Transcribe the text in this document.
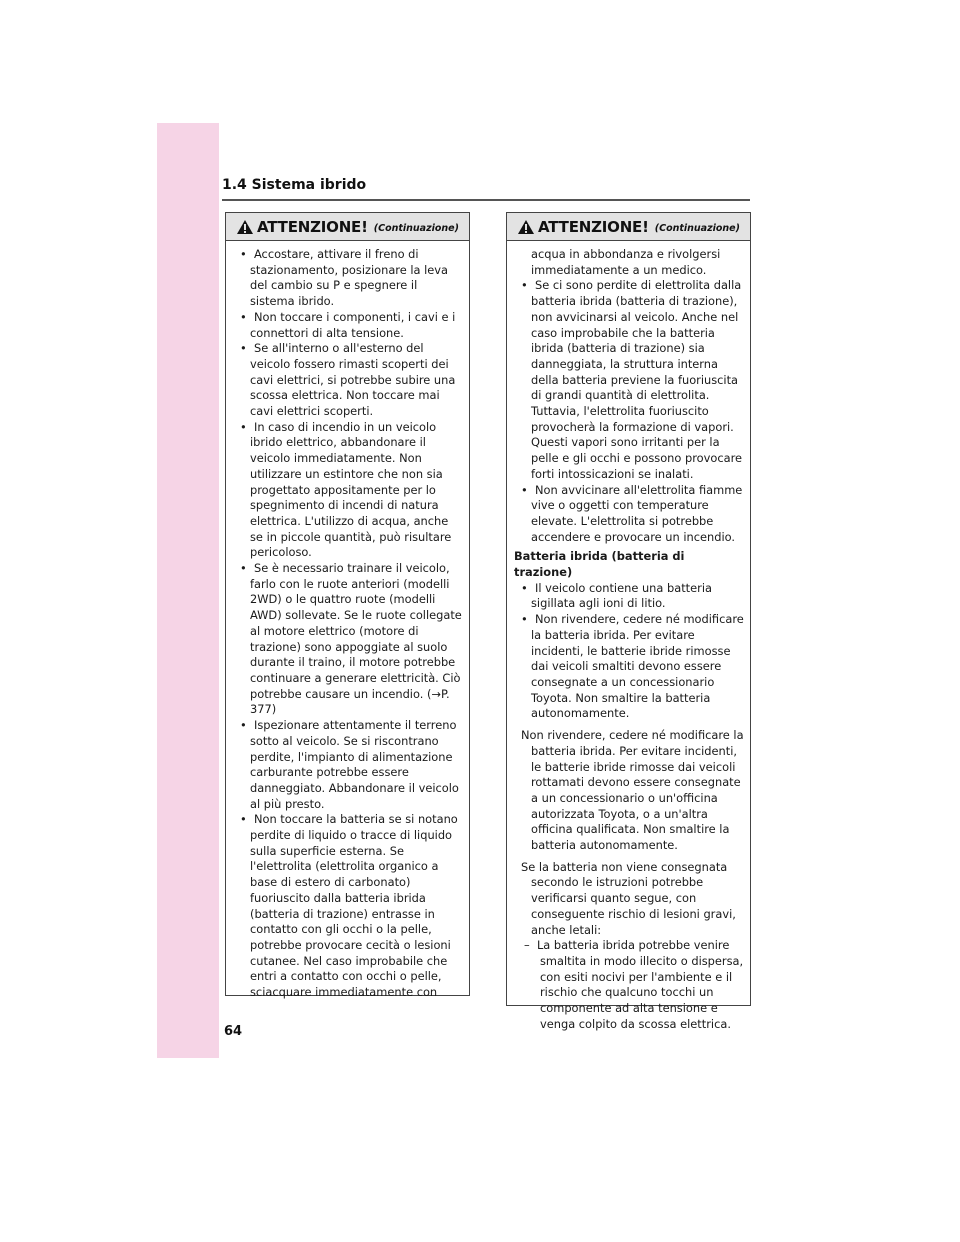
1.4 Sistema ibrido
ATTENZIONE! (Continuazione)
•  Accostare, attivare il freno di stazionamento, posizionare la leva del cambio su P e spegnere il sistema ibrido.
•  Non toccare i componenti, i cavi e i connettori di alta tensione.
•  Se all'interno o all'esterno del veicolo fossero rimasti scoperti dei cavi elettrici, si potrebbe subire una scossa elettrica. Non toccare mai cavi elettrici scoperti.
•  In caso di incendio in un veicolo ibrido elettrico, abbandonare il veicolo immediatamente. Non utilizzare un estintore che non sia progettato appositamente per lo spegnimento di incendi di natura elettrica. L'utilizzo di acqua, anche se in piccole quantità, può risultare pericoloso.
•  Se è necessario trainare il veicolo, farlo con le ruote anteriori (modelli 2WD) o le quattro ruote (modelli AWD) sollevate. Se le ruote collegate al motore elettrico (motore di trazione) sono appoggiate al suolo durante il traino, il motore potrebbe continuare a generare elettricità. Ciò potrebbe causare un incendio. (→P. 377)
•  Ispezionare attentamente il terreno sotto al veicolo. Se si riscontrano perdite, l'impianto di alimentazione carburante potrebbe essere danneggiato. Abbandonare il veicolo al più presto.
•  Non toccare la batteria se si notano perdite di liquido o tracce di liquido sulla superficie esterna. Se l'elettrolita (elettrolita organico a base di estero di carbonato) fuoriuscito dalla batteria ibrida (batteria di trazione) entrasse in contatto con gli occhi o la pelle, potrebbe provocare cecità o lesioni cutanee. Nel caso improbabile che entri a contatto con occhi o pelle, sciacquare immediatamente con
ATTENZIONE! (Continuazione)
acqua in abbondanza e rivolgersi immediatamente a un medico.
•  Se ci sono perdite di elettrolita dalla batteria ibrida (batteria di trazione), non avvicinarsi al veicolo. Anche nel caso improbabile che la batteria ibrida (batteria di trazione) sia danneggiata, la struttura interna della batteria previene la fuoriuscita di grandi quantità di elettrolita. Tuttavia, l'elettrolita fuoriuscito provocherà la formazione di vapori. Questi vapori sono irritanti per la pelle e gli occhi e possono provocare forti intossicazioni se inalati.
•  Non avvicinare all'elettrolita fiamme vive o oggetti con temperature elevate. L'elettrolita si potrebbe accendere e provocare un incendio.
Batteria ibrida (batteria di trazione)
•  Il veicolo contiene una batteria sigillata agli ioni di litio.
•  Non rivendere, cedere né modificare la batteria ibrida. Per evitare incidenti, le batterie ibride rimosse dai veicoli smaltiti devono essere consegnate a un concessionario Toyota. Non smaltire la batteria autonomamente.
Non rivendere, cedere né modificare la batteria ibrida. Per evitare incidenti, le batterie ibride rimosse dai veicoli rottamati devono essere consegnate a un concessionario o un'officina autorizzata Toyota, o a un'altra officina qualificata. Non smaltire la batteria autonomamente.
Se la batteria non viene consegnata secondo le istruzioni potrebbe verificarsi quanto segue, con conseguente rischio di lesioni gravi, anche letali:
–  La batteria ibrida potrebbe venire smaltita in modo illecito o dispersa, con esiti nocivi per l'ambiente e il rischio che qualcuno tocchi un componente ad alta tensione e venga colpito da scossa elettrica.
64
